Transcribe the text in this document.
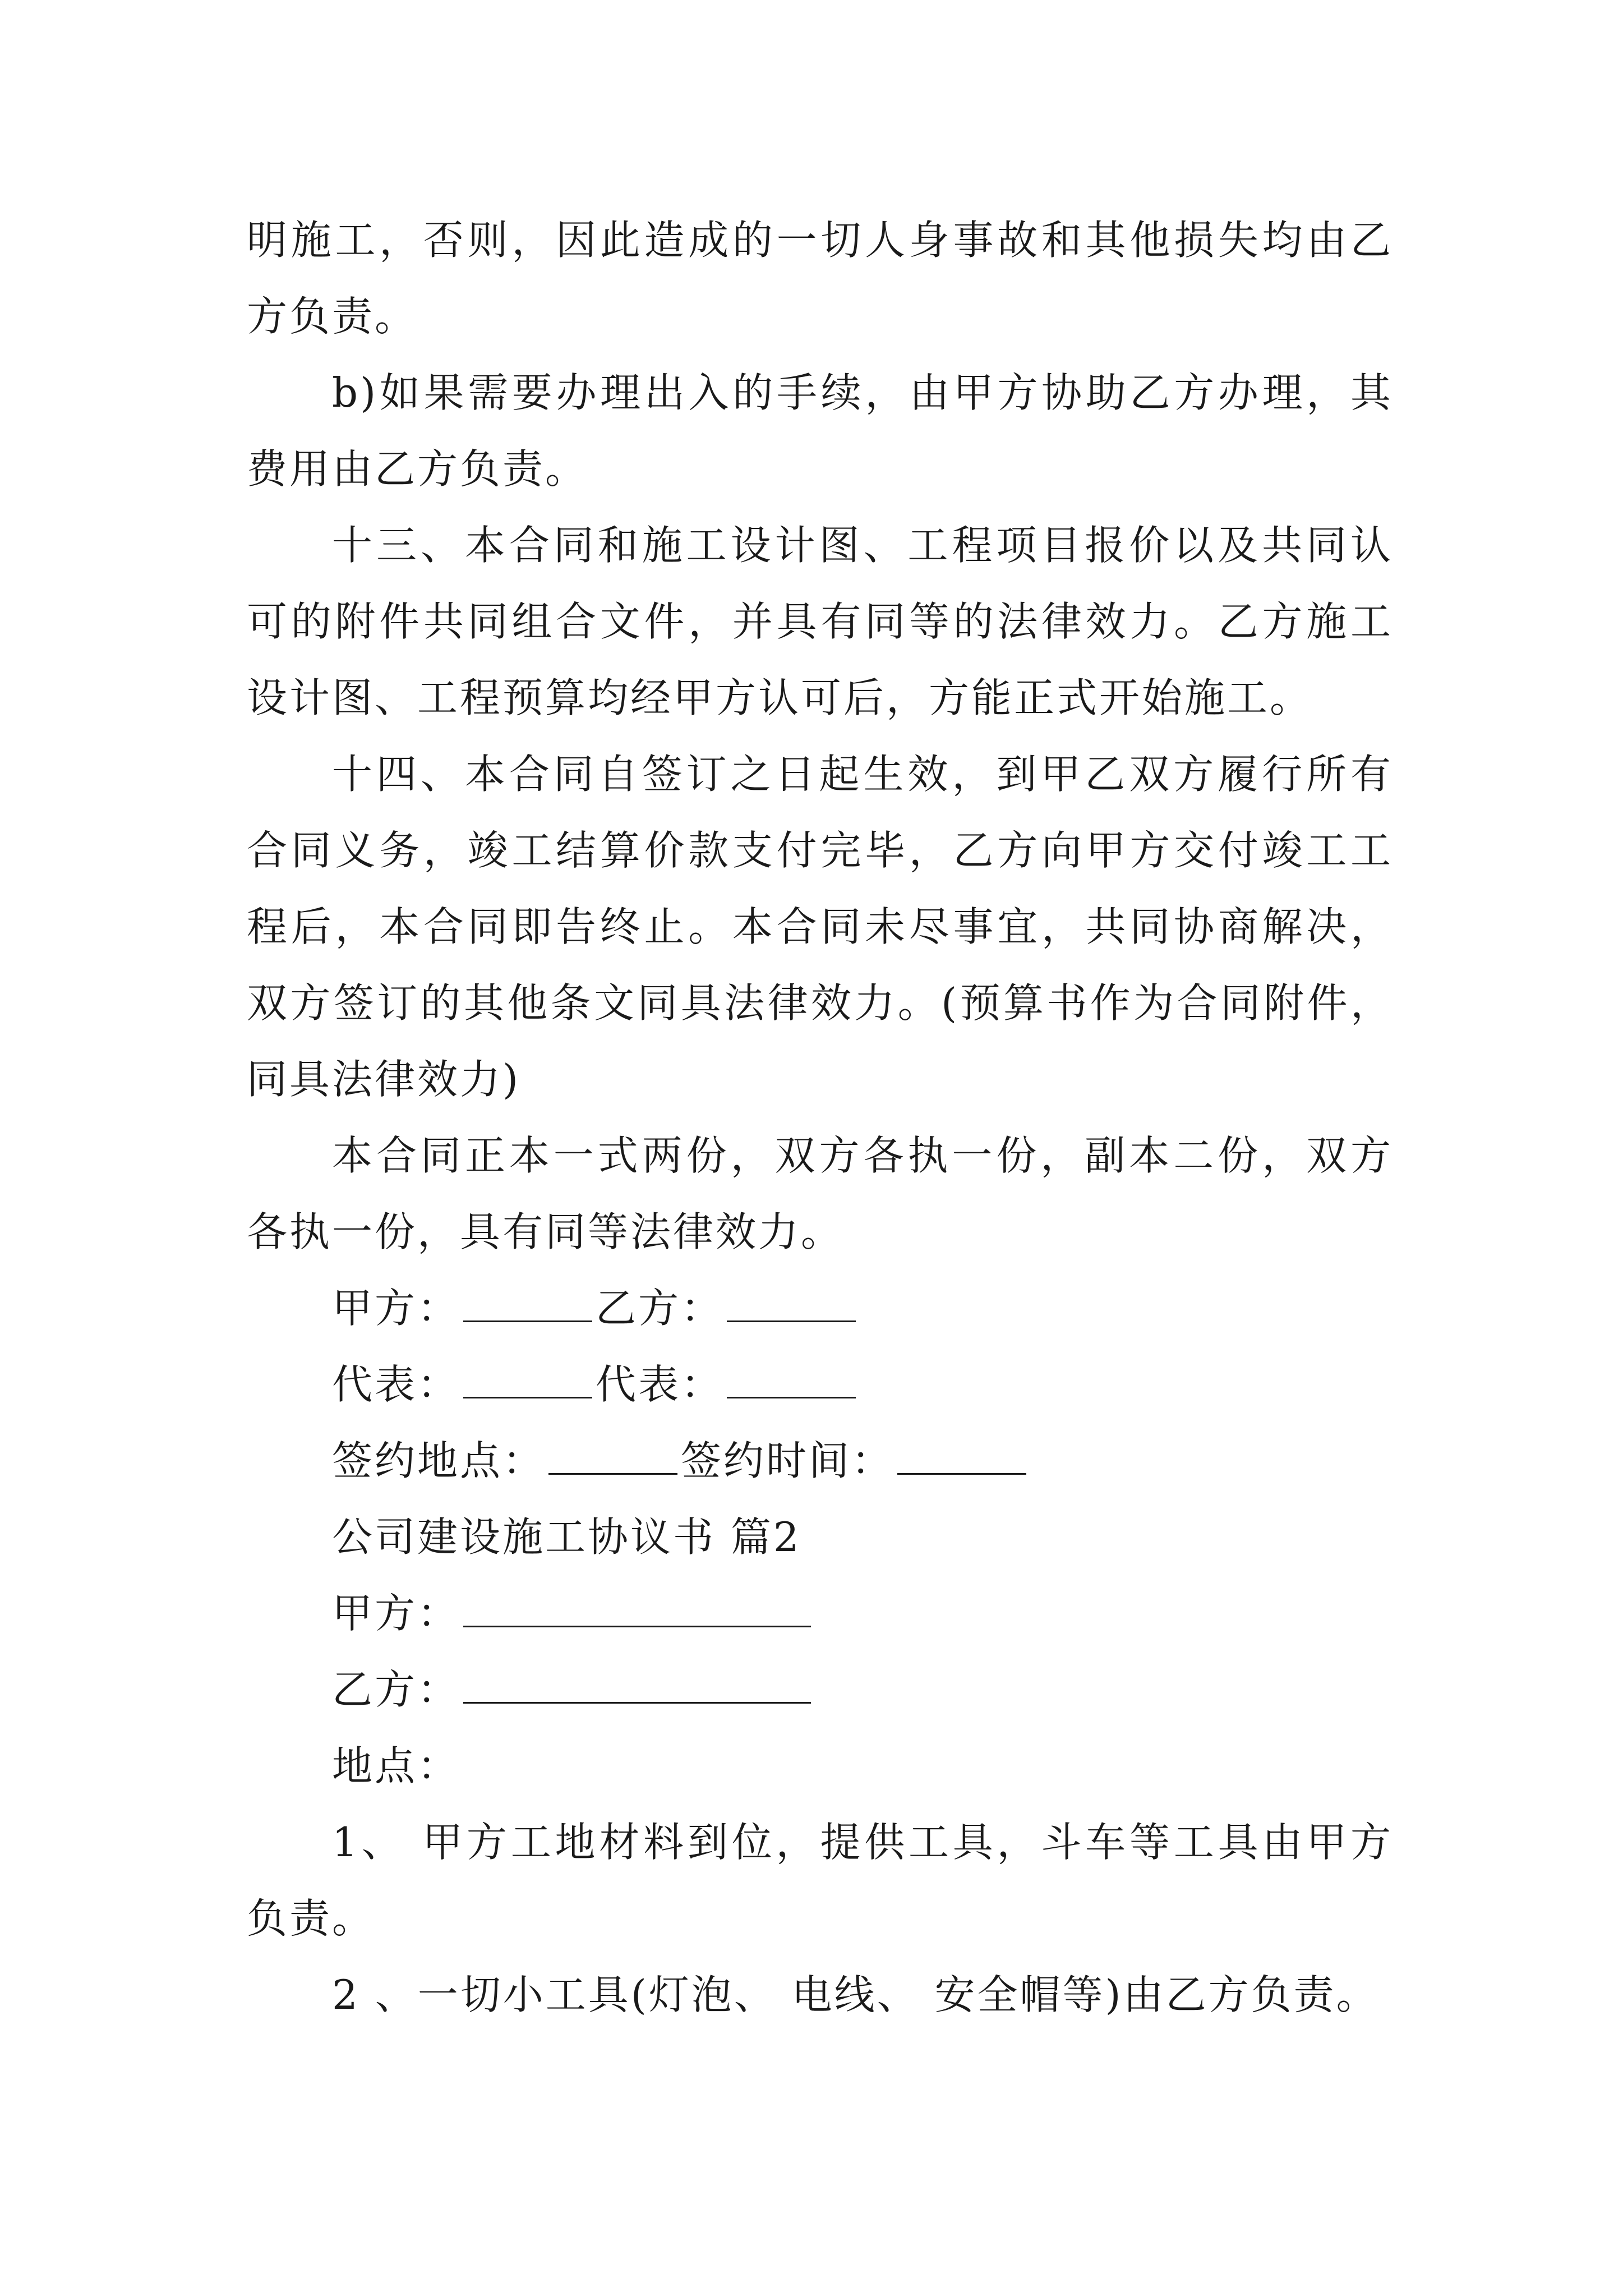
明施工，否则，因此造成的一切人身事故和其他损失均由乙方负责。

b)如果需要办理出入的手续，由甲方协助乙方办理，其费用由乙方负责。

十三、本合同和施工设计图、工程项目报价以及共同认可的附件共同组合文件，并具有同等的法律效力。乙方施工设计图、工程预算均经甲方认可后，方能正式开始施工。

十四、本合同自签订之日起生效，到甲乙双方履行所有合同义务，竣工结算价款支付完毕，乙方向甲方交付竣工工程后，本合同即告终止。本合同未尽事宜，共同协商解决，双方签订的其他条文同具法律效力。(预算书作为合同附件，同具法律效力)

本合同正本一式两份，双方各执一份，副本二份，双方各执一份，具有同等法律效力。

甲方：	乙方：

代表：	代表：

签约地点：	签约时间：

公司建设施工协议书 篇2

甲方：

乙方：

地点：

1、 甲方工地材料到位，提供工具，斗车等工具由甲方负责。

2 、一切小工具(灯泡、 电线、 安全帽等)由乙方负责。
